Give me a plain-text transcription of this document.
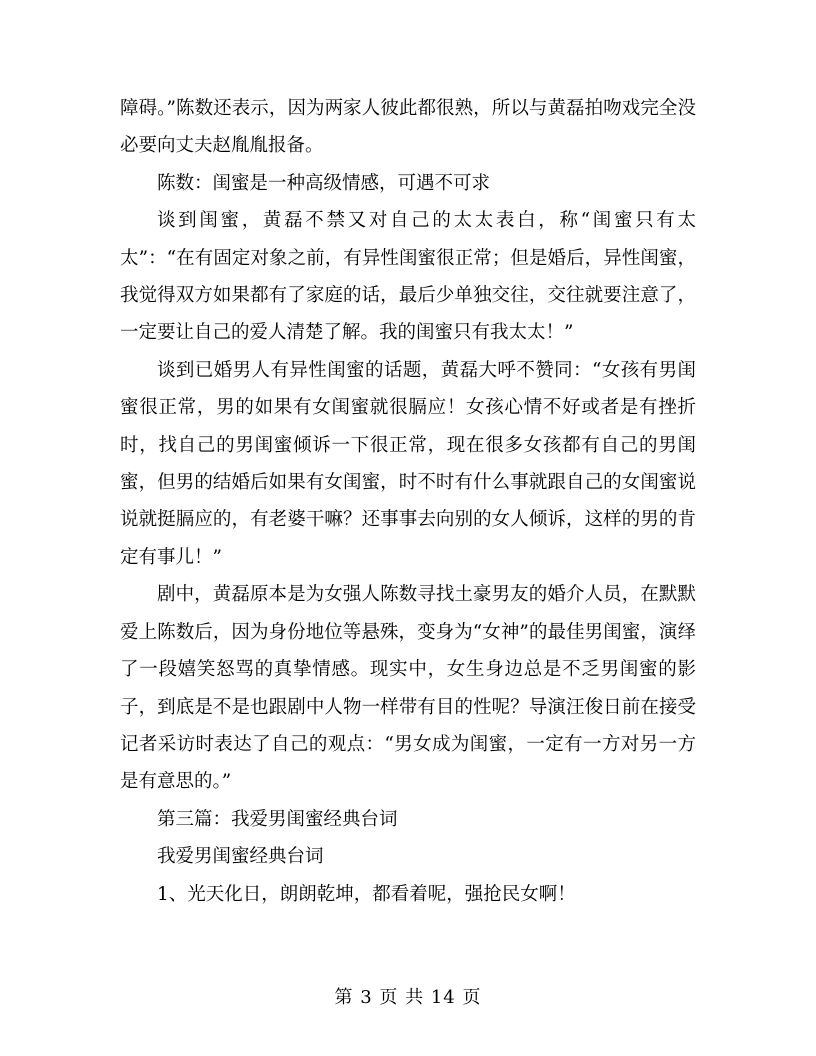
障碍。”陈数还表示，因为两家人彼此都很熟，所以与黄磊拍吻戏完全没必要向丈夫赵胤胤报备。

陈数：闺蜜是一种高级情感，可遇不可求

谈到闺蜜，黄磊不禁又对自己的太太表白，称“闺蜜只有太太”：“在有固定对象之前，有异性闺蜜很正常；但是婚后，异性闺蜜，我觉得双方如果都有了家庭的话，最后少单独交往，交往就要注意了，一定要让自己的爱人清楚了解。我的闺蜜只有我太太！”

谈到已婚男人有异性闺蜜的话题，黄磊大呼不赞同：“女孩有男闺蜜很正常，男的如果有女闺蜜就很膈应！女孩心情不好或者是有挫折时，找自己的男闺蜜倾诉一下很正常，现在很多女孩都有自己的男闺蜜，但男的结婚后如果有女闺蜜，时不时有什么事就跟自己的女闺蜜说说就挺膈应的，有老婆干嘛？还事事去向别的女人倾诉，这样的男的肯定有事儿！”

剧中，黄磊原本是为女强人陈数寻找土豪男友的婚介人员，在默默爱上陈数后，因为身份地位等悬殊，变身为“女神”的最佳男闺蜜，演绎了一段嬉笑怒骂的真挚情感。现实中，女生身边总是不乏男闺蜜的影子，到底是不是也跟剧中人物一样带有目的性呢？导演汪俊日前在接受记者采访时表达了自己的观点：“男女成为闺蜜，一定有一方对另一方是有意思的。”

第三篇：我爱男闺蜜经典台词

我爱男闺蜜经典台词

1、光天化日，朗朗乾坤，都看着呢，强抢民女啊！

第 3 页 共 14 页
